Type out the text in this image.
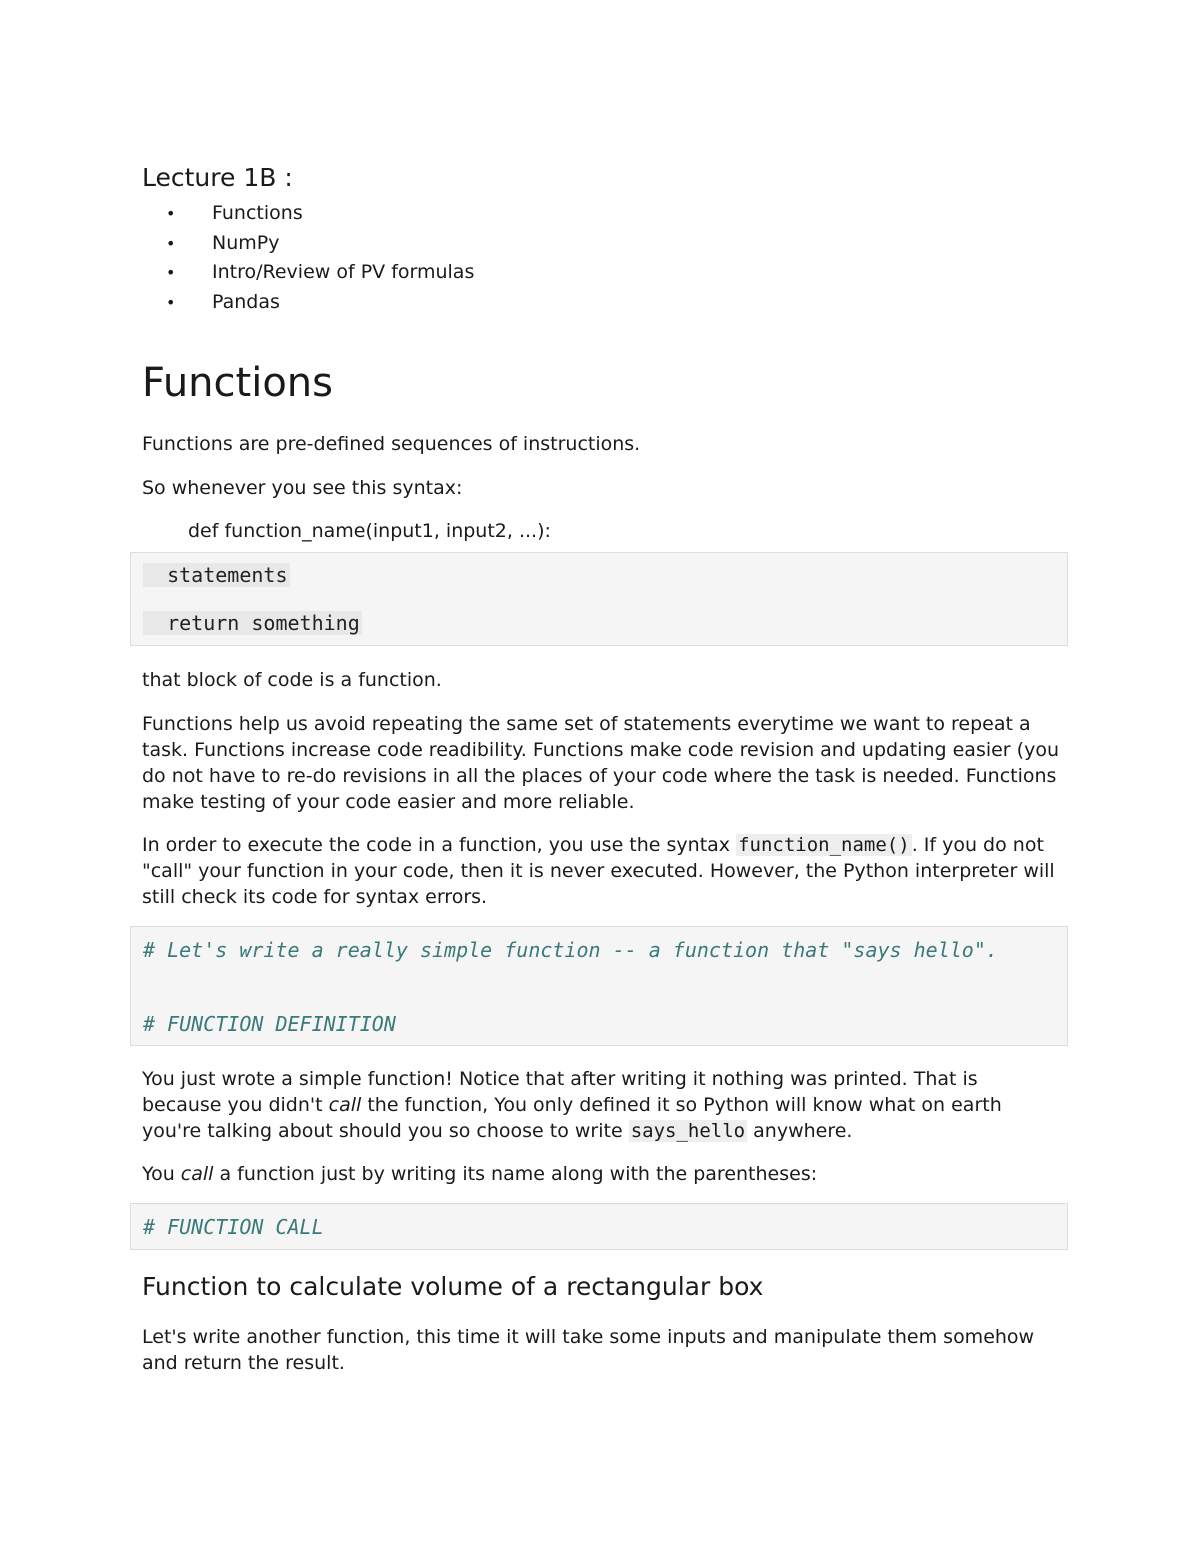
Lecture 1B :
• Functions
• NumPy
• Intro/Review of PV formulas
• Pandas
Functions

Functions are pre-defined sequences of instructions.

So whenever you see this syntax:

def function_name(input1, input2, ...):

statements
return something

that block of code is a function.

Functions help us avoid repeating the same set of statements everytime we want to repeat a task. Functions increase code readibility. Functions make code revision and updating easier (you do not have to re-do revisions in all the places of your code where the task is needed. Functions make testing of your code easier and more reliable.

In order to execute the code in a function, you use the syntax function_name() . If you do not "call" your function in your code, then it is never executed. However, the Python interpreter will still check its code for syntax errors.

# Let's write a really simple function -- a function that "says hello".
# FUNCTION DEFINITION

You just wrote a simple function! Notice that after writing it nothing was printed. That is because you didn't call the function, You only defined it so Python will know what on earth you're talking about should you so choose to write says_hello anywhere.

You call a function just by writing its name along with the parentheses:

# FUNCTION CALL
Function to calculate volume of a rectangular box

Let's write another function, this time it will take some inputs and manipulate them somehow and return the result.
